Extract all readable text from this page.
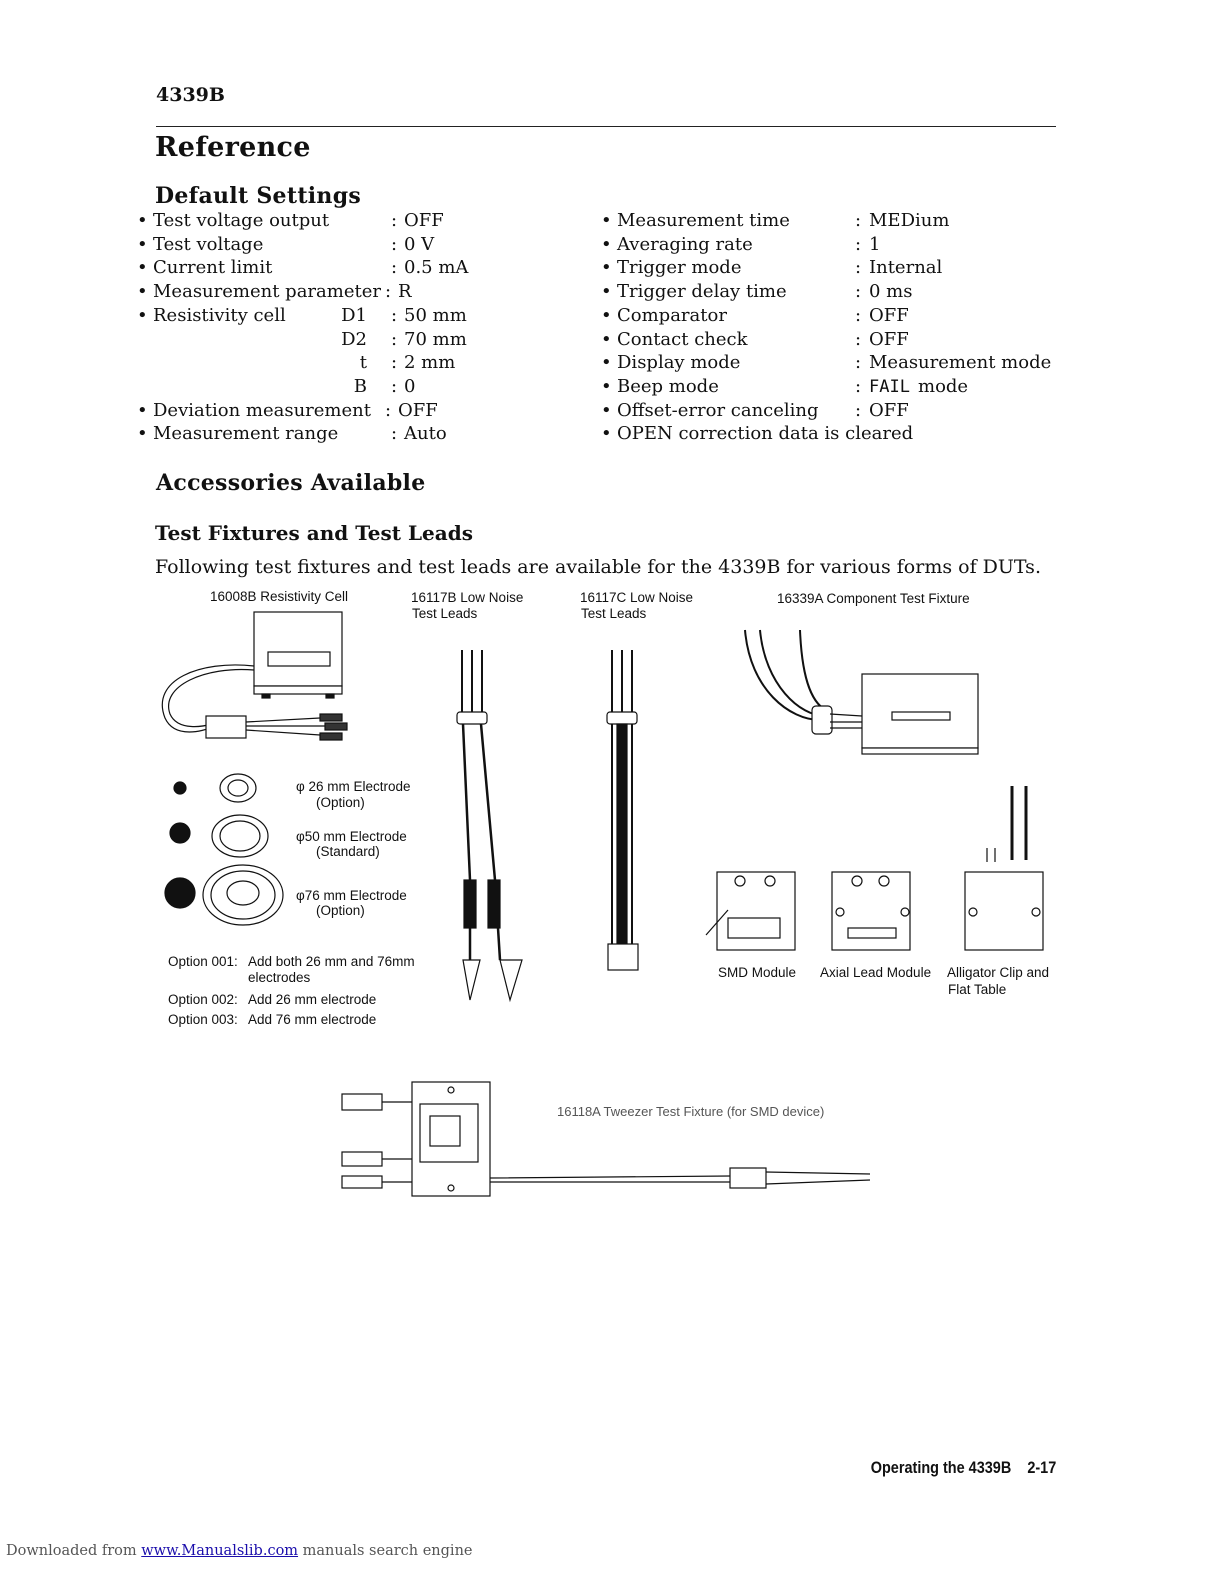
4339B
Reference
Default Settings
• Test voltage output	: OFF
• Test voltage	: 0 V
• Current limit	: 0.5 mA
• Measurement parameter : R
• Resistivity cell	D1 : 50 mm
D2 : 70 mm
t : 2 mm
B : 0
• Deviation measurement : OFF
• Measurement range	: Auto
• Measurement time	: MEDium
• Averaging rate	: 1
• Trigger mode	: Internal
• Trigger delay time	: 0 ms
• Comparator	: OFF
• Contact check	: OFF
• Display mode	: Measurement mode
• Beep mode	: FAIL mode
• Offset-error canceling : OFF
• OPEN correction data is cleared
Accessories Available
Test Fixtures and Test Leads
Following test fixtures and test leads are available for the 4339B for various forms of DUTs.
16008B Resistivity Cell	16117B Low Noise
Test Leads
16117C Low Noise
Test Leads
16339A Component Test Fixture
φ 26 mm Electrode
(Option)
φ50 mm Electrode
(Standard)
φ76 mm Electrode
(Option)
Option 001: Add both 26 mm and 76mm
electrodes
Option 002: Add 26 mm electrode
Option 003: Add 76 mm electrode
SMD Module Axial Lead Module Alligator Clip and
Flat Table
16118A Tweezer Test Fixture (for SMD device)
Operating the 4339B 2-17
Downloaded from www.Manualslib.com manuals search engine
